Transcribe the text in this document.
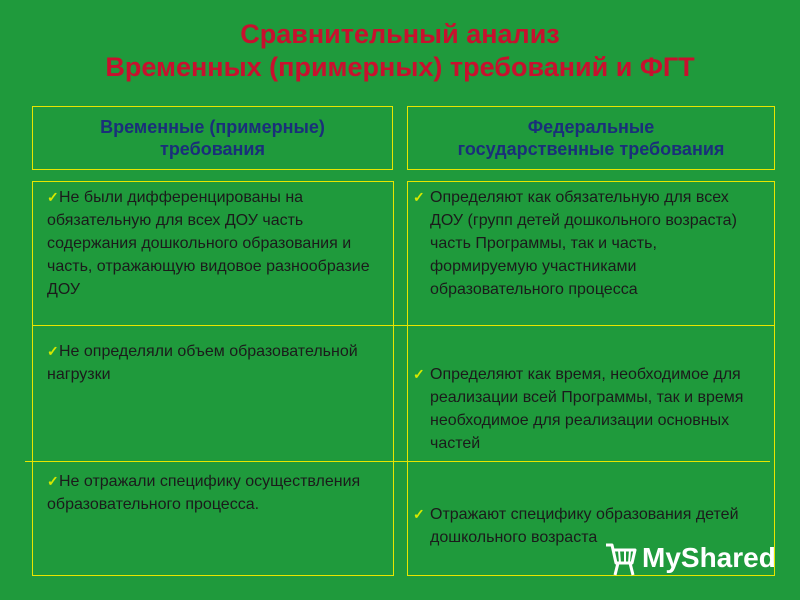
Сравнительный анализ
Временных (примерных) требований и ФГТ
Временные (примерные)
требования
Федеральные
государственные требования
✓ Не были дифференцированы на обязательную для всех ДОУ часть содержания дошкольного образования и часть, отражающую видовое разнообразие ДОУ
✓ Не определяли объем образовательной нагрузки
✓ Не отражали специфику осуществления образовательного процесса.
✓ Определяют как обязательную для всех ДОУ (групп детей дошкольного возраста) часть Программы, так и часть, формируемую участниками образовательного процесса
✓ Определяют как время, необходимое для реализации всей Программы, так и время необходимое для реализации основных частей
✓ Отражают специфику образования детей дошкольного возраста
MyShared
